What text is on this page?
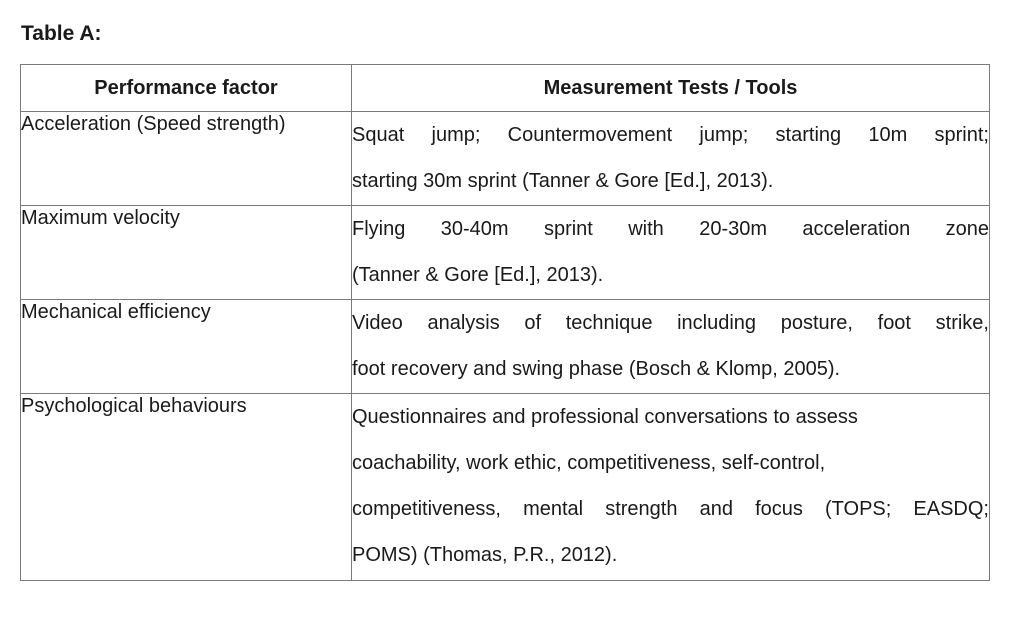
Table A:
Performance factor	Measurement Tests / Tools
Acceleration (Speed strength)	Squat jump; Countermovement jump; starting 10m sprint;
starting 30m sprint (Tanner & Gore [Ed.], 2013).

Maximum velocity	Flying 30-40m sprint with 20-30m acceleration zone
(Tanner & Gore [Ed.], 2013).

Mechanical efficiency	Video analysis of technique including posture, foot strike,
foot recovery and swing phase (Bosch & Klomp, 2005).

Psychological behaviours	Questionnaires and professional conversations to assess
coachability, work ethic, competitiveness, self-control,
competitiveness, mental strength and focus (TOPS; EASDQ;
POMS) (Thomas, P.R., 2012).
